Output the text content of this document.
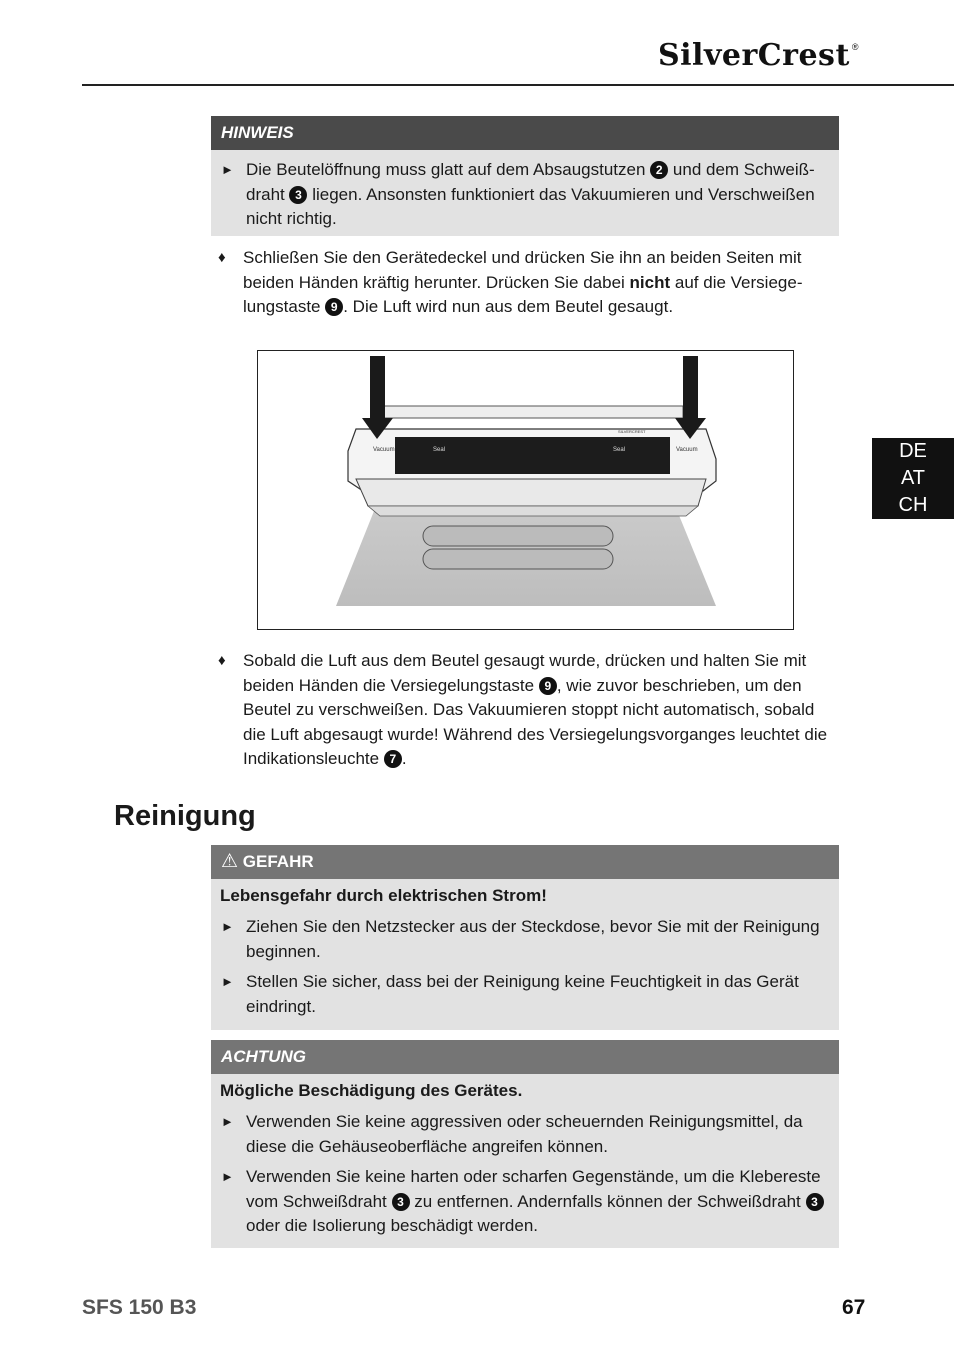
SilverCrest ®
DE
AT
CH
HINWEIS
► Die Beutelöffnung muss glatt auf dem Absaugstutzen 2 und dem Schweiß-draht 3 liegen. Ansonsten funktioniert das Vakuumieren und Verschweißen nicht richtig.
♦ Schließen Sie den Gerätedeckel und drücken Sie ihn an beiden Seiten mit beiden Händen kräftig herunter. Drücken Sie dabei nicht auf die Versiege-lungstaste 9 . Die Luft wird nun aus dem Beutel gesaugt.
Vacuum	Seal	Seal	Vacuum
SILVERCREST
♦ Sobald die Luft aus dem Beutel gesaugt wurde, drücken und halten Sie mit beiden Händen die Versiegelungstaste 9 , wie zuvor beschrieben, um den Beutel zu verschweißen. Das Vakuumieren stoppt nicht automatisch, sobald die Luft abgesaugt wurde! Während des Versiegelungsvorganges leuchtet die Indikationsleuchte 7 .
Reinigung
⚠ GEFAHR
Lebensgefahr durch elektrischen Strom!
► Ziehen Sie den Netzstecker aus der Steckdose, bevor Sie mit der Reinigung beginnen.
► Stellen Sie sicher, dass bei der Reinigung keine Feuchtigkeit in das Gerät eindringt.
ACHTUNG
Mögliche Beschädigung des Gerätes.
► Verwenden Sie keine aggressiven oder scheuernden Reinigungsmittel, da diese die Gehäuseoberfläche angreifen können.
► Verwenden Sie keine harten oder scharfen Gegenstände, um die Klebereste vom Schweißdraht 3 zu entfernen. Andernfalls können der Schweißdraht 3 oder die Isolierung beschädigt werden.
SFS 150 B3	67
